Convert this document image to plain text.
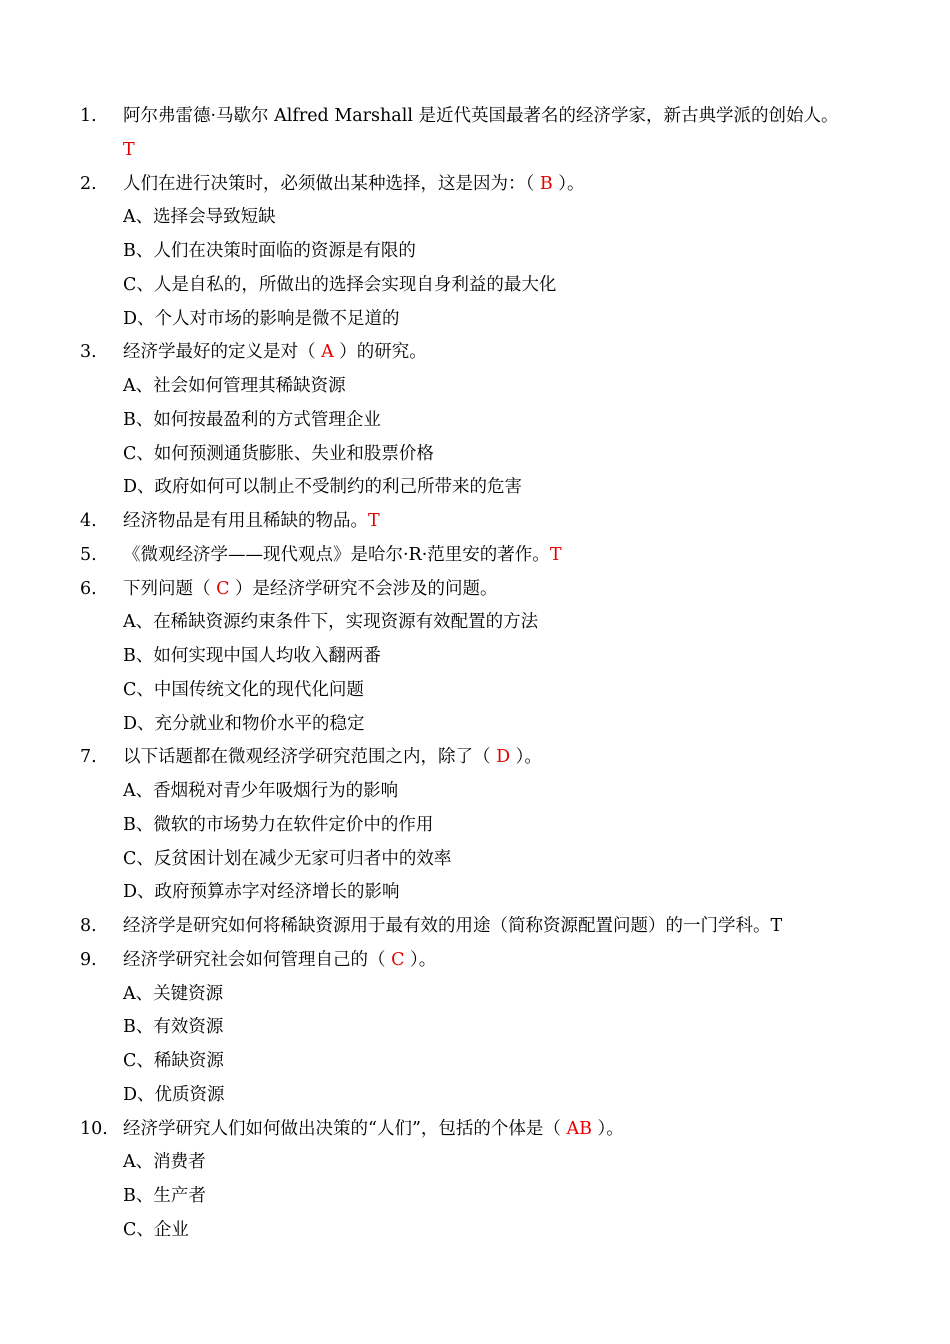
1. 阿尔弗雷德·马歇尔 Alfred Marshall 是近代英国最著名的经济学家，新古典学派的创始人。
T
2. 人们在进行决策时，必须做出某种选择，这是因为：（ B ）。
A、选择会导致短缺
B、人们在决策时面临的资源是有限的
C、人是自私的，所做出的选择会实现自身利益的最大化
D、个人对市场的影响是微不足道的
3. 经济学最好的定义是对（ A ）的研究。
A、社会如何管理其稀缺资源
B、如何按最盈利的方式管理企业
C、如何预测通货膨胀、失业和股票价格
D、政府如何可以制止不受制约的利己所带来的危害
4. 经济物品是有用且稀缺的物品。T
5. 《微观经济学——现代观点》是哈尔·R·范里安的著作。T
6. 下列问题（ C ）是经济学研究不会涉及的问题。
A、在稀缺资源约束条件下，实现资源有效配置的方法
B、如何实现中国人均收入翻两番
C、中国传统文化的现代化问题
D、充分就业和物价水平的稳定
7. 以下话题都在微观经济学研究范围之内，除了（ D ）。
A、香烟税对青少年吸烟行为的影响
B、微软的市场势力在软件定价中的作用
C、反贫困计划在减少无家可归者中的效率
D、政府预算赤字对经济增长的影响
8. 经济学是研究如何将稀缺资源用于最有效的用途（简称资源配置问题）的一门学科。T
9. 经济学研究社会如何管理自己的（ C ）。
A、关键资源
B、有效资源
C、稀缺资源
D、优质资源
10. 经济学研究人们如何做出决策的“人们”，包括的个体是（ AB ）。
A、消费者
B、生产者
C、企业
